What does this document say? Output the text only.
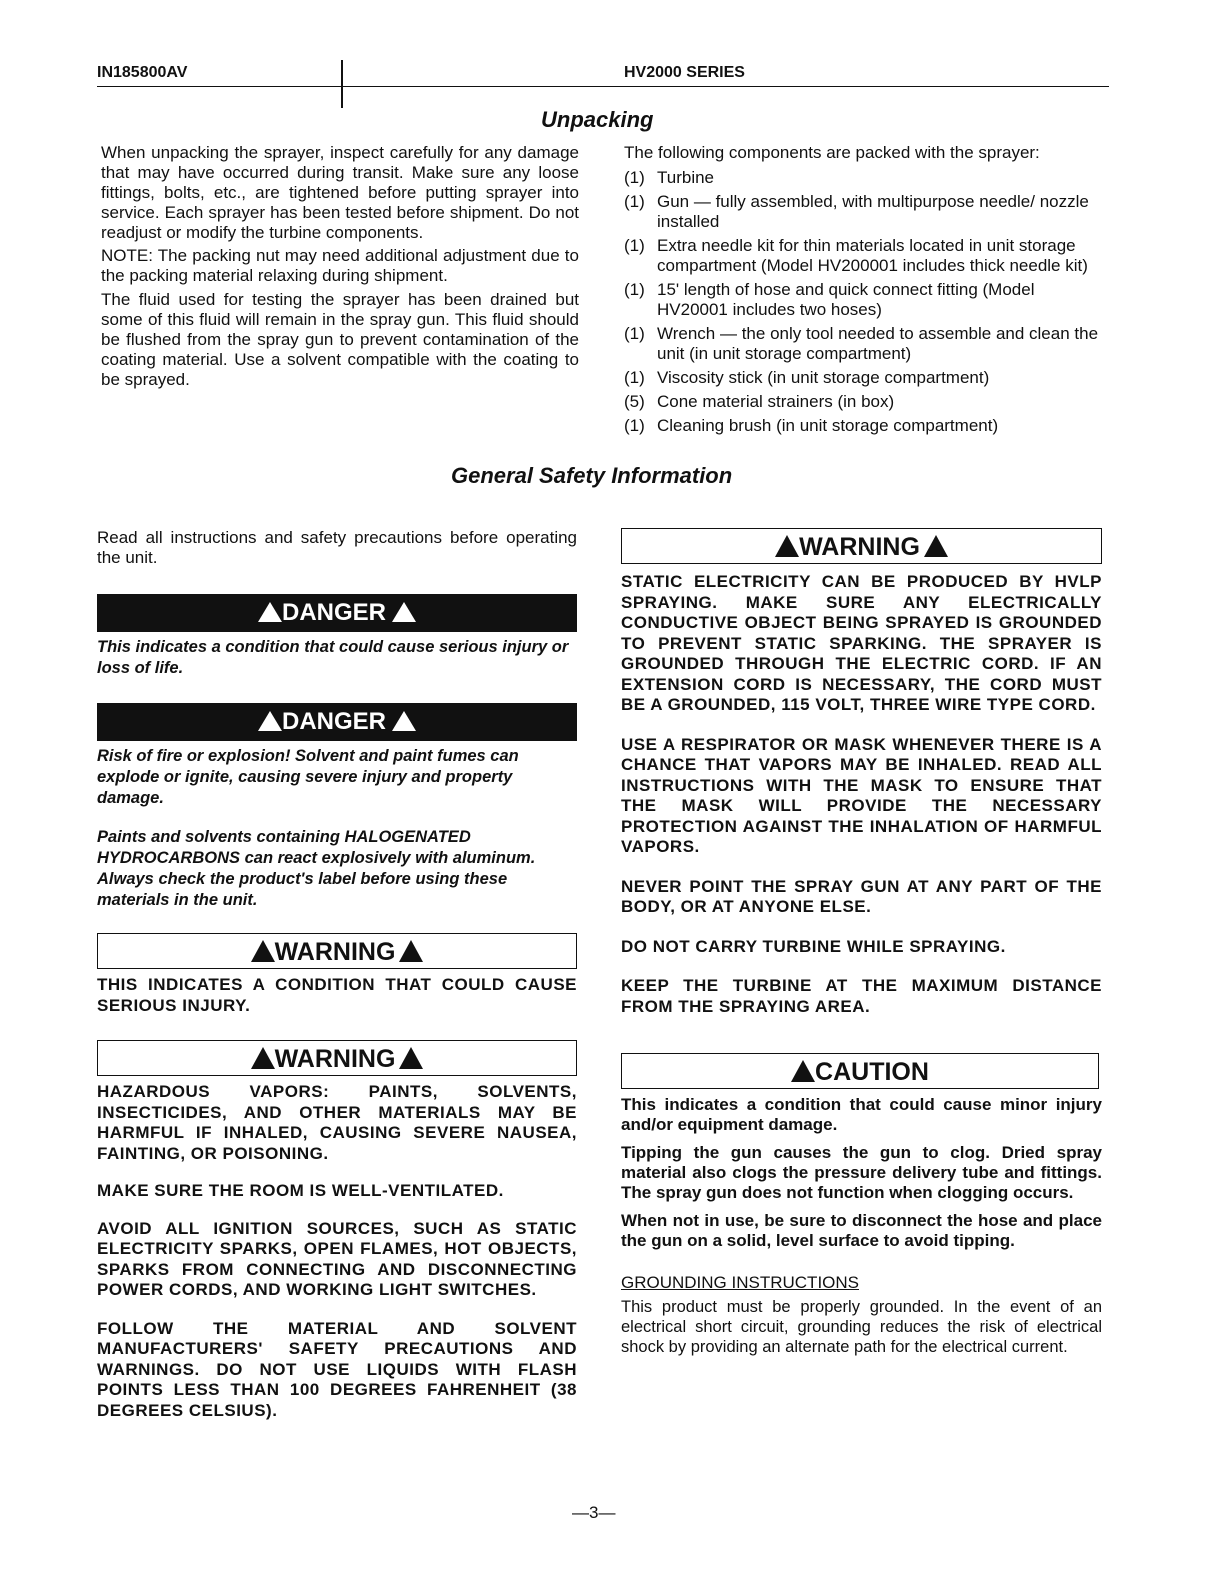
IN185800AV	HV2000 SERIES
Unpacking

When unpacking the sprayer, inspect carefully for any damage that may have occurred during transit. Make sure any loose fittings, bolts, etc., are tightened before putting sprayer into service. Each sprayer has been tested before shipment. Do not readjust or modify the turbine components.

NOTE: The packing nut may need additional adjustment due to the packing material relaxing during shipment.

The fluid used for testing the sprayer has been drained but some of this fluid will remain in the spray gun. This fluid should be flushed from the spray gun to prevent contamination of the coating material. Use a solvent compatible with the coating to be sprayed.

The following components are packed with the sprayer:

(1) Turbine
(1) Gun — fully assembled, with multipurpose needle/ nozzle installed
(1) Extra needle kit for thin materials located in unit storage compartment (Model HV200001 includes thick needle kit)
(1) 15' length of hose and quick connect fitting (Model HV20001 includes two hoses)
(1) Wrench — the only tool needed to assemble and clean the unit (in unit storage compartment)
(1) Viscosity stick (in unit storage compartment)
(5) Cone material strainers (in box)
(1) Cleaning brush (in unit storage compartment)
General Safety Information

Read all instructions and safety precautions before operating the unit.

DANGER

This indicates a condition that could cause serious injury or loss of life.

DANGER

Risk of fire or explosion! Solvent and paint fumes can explode or ignite, causing severe injury and property damage.

Paints and solvents containing HALOGENATED HYDROCARBONS can react explosively with aluminum. Always check the product's label before using these materials in the unit.

WARNING

THIS INDICATES A CONDITION THAT COULD CAUSE SERIOUS INJURY.

WARNING

HAZARDOUS VAPORS: PAINTS, SOLVENTS, INSECTICIDES, AND OTHER MATERIALS MAY BE HARMFUL IF INHALED, CAUSING SEVERE NAUSEA, FAINTING, OR POISONING.

MAKE SURE THE ROOM IS WELL-VENTILATED.

AVOID ALL IGNITION SOURCES, SUCH AS STATIC ELECTRICITY SPARKS, OPEN FLAMES, HOT OBJECTS, SPARKS FROM CONNECTING AND DISCONNECTING POWER CORDS, AND WORKING LIGHT SWITCHES.

FOLLOW THE MATERIAL AND SOLVENT MANUFACTURERS' SAFETY PRECAUTIONS AND WARNINGS. DO NOT USE LIQUIDS WITH FLASH POINTS LESS THAN 100 DEGREES FAHRENHEIT (38 DEGREES CELSIUS).

WARNING

STATIC ELECTRICITY CAN BE PRODUCED BY HVLP SPRAYING. MAKE SURE ANY ELECTRICALLY CONDUCTIVE OBJECT BEING SPRAYED IS GROUNDED TO PREVENT STATIC SPARKING. THE SPRAYER IS GROUNDED THROUGH THE ELECTRIC CORD. IF AN EXTENSION CORD IS NECESSARY, THE CORD MUST BE A GROUNDED, 115 VOLT, THREE WIRE TYPE CORD.

USE A RESPIRATOR OR MASK WHENEVER THERE IS A CHANCE THAT VAPORS MAY BE INHALED. READ ALL INSTRUCTIONS WITH THE MASK TO ENSURE THAT THE MASK WILL PROVIDE THE NECESSARY PROTECTION AGAINST THE INHALATION OF HARMFUL VAPORS.

NEVER POINT THE SPRAY GUN AT ANY PART OF THE BODY, OR AT ANYONE ELSE.

DO NOT CARRY TURBINE WHILE SPRAYING.

KEEP THE TURBINE AT THE MAXIMUM DISTANCE FROM THE SPRAYING AREA.

CAUTION

This indicates a condition that could cause minor injury and/or equipment damage.

Tipping the gun causes the gun to clog. Dried spray material also clogs the pressure delivery tube and fittings. The spray gun does not function when clogging occurs.

When not in use, be sure to disconnect the hose and place the gun on a solid, level surface to avoid tipping.

GROUNDING INSTRUCTIONS

This product must be properly grounded. In the event of an electrical short circuit, grounding reduces the risk of electrical shock by providing an alternate path for the electrical current.

—3—
